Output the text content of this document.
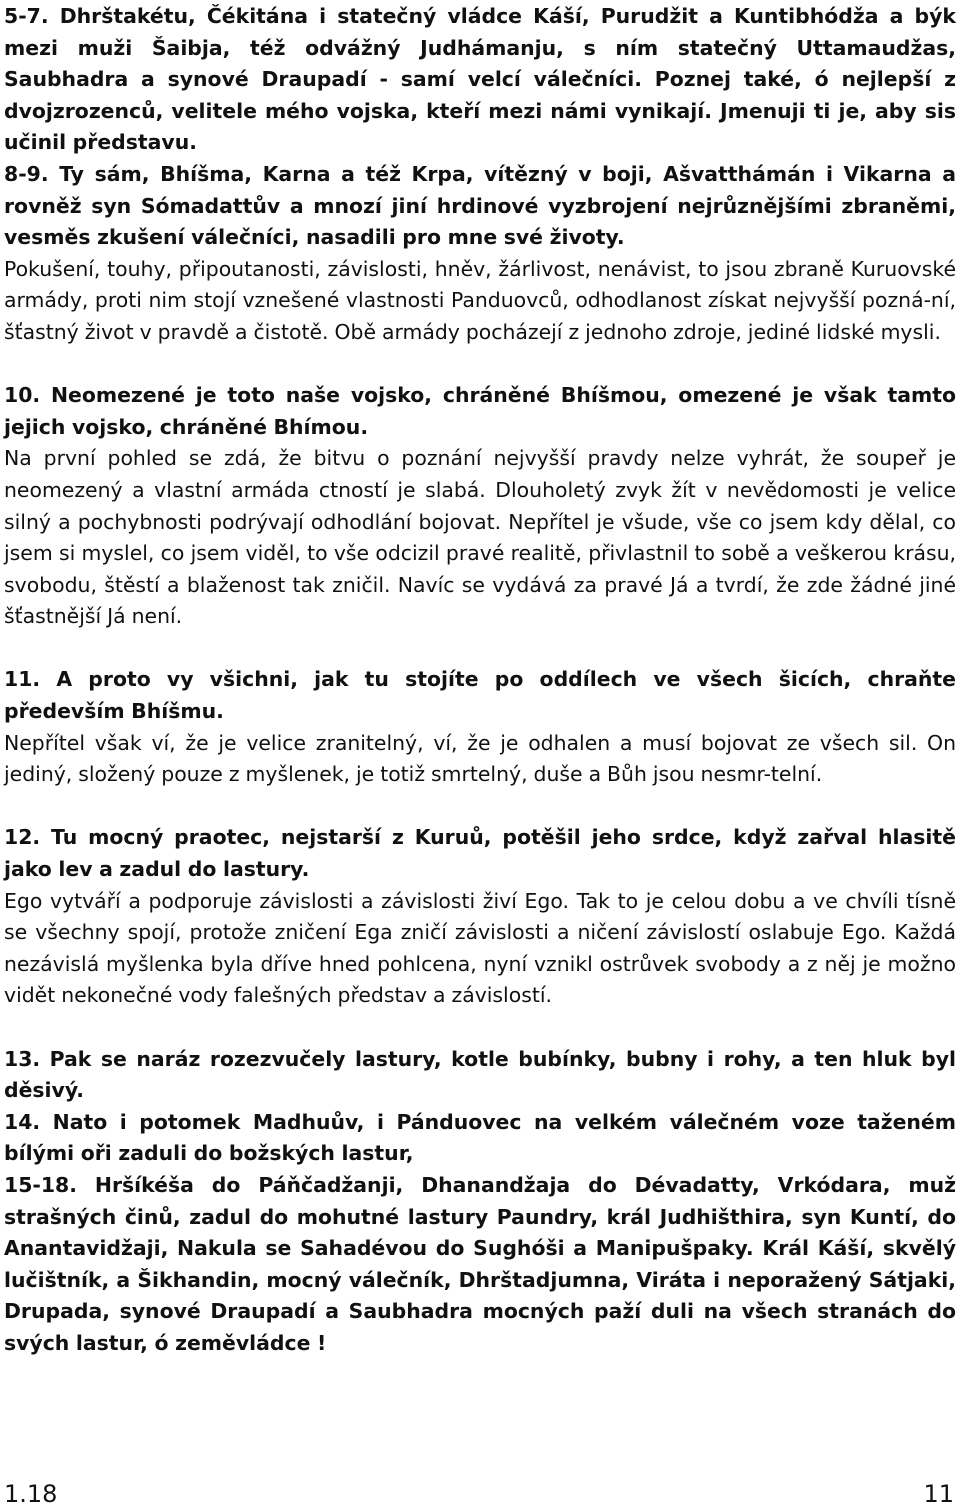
5-7. Dhrštakétu, Čékitána i statečný vládce Káší, Purudžit a Kuntibhódža a býk mezi muži Šaibja, též odvážný Judhámanju, s ním statečný Uttamaudžas, Saubhadra a synové Draupadí - samí velcí válečníci. Poznej také, ó nejlepší z dvojzrozenců, velitele mého vojska, kteří mezi námi vynikají. Jmenuji ti je, aby sis učinil představu.

8-9. Ty sám, Bhíšma, Karna a též Krpa, vítězný v boji, Ašvatthámán i Vikarna a rovněž syn Sómadattův a mnozí jiní hrdinové vyzbrojení nejrůznějšími zbraněmi, vesměs zkušení válečníci, nasadili pro mne své životy.

Pokušení, touhy, připoutanosti, závislosti, hněv, žárlivost, nenávist, to jsou zbraně Kuruovské armády, proti nim stojí vznešené vlastnosti Panduovců, odhodlanost získat nejvyšší pozná-ní, šťastný život v pravdě a čistotě. Obě armády pocházejí z jednoho zdroje, jediné lidské mysli.

10. Neomezené je toto naše vojsko, chráněné Bhíšmou, omezené je však tamto jejich vojsko, chráněné Bhímou.

Na první pohled se zdá, že bitvu o poznání nejvyšší pravdy nelze vyhrát, že soupeř je neomezený a vlastní armáda ctností je slabá. Dlouholetý zvyk žít v nevědomosti je velice silný a pochybnosti podrývají odhodlání bojovat. Nepřítel je všude, vše co jsem kdy dělal, co jsem si myslel, co jsem viděl, to vše odcizil pravé realitě, přivlastnil to sobě a veškerou krásu, svobodu, štěstí a blaženost tak zničil. Navíc se vydává za pravé Já a tvrdí, že zde žádné jiné šťastnější Já není.

11. A proto vy všichni, jak tu stojíte po oddílech ve všech šicích, chraňte především Bhíšmu.

Nepřítel však ví, že je velice zranitelný, ví, že je odhalen a musí bojovat ze všech sil. On jediný, složený pouze z myšlenek, je totiž smrtelný, duše a Bůh jsou nesmr-telní.

12. Tu mocný praotec, nejstarší z Kuruů, potěšil jeho srdce, když zařval hlasitě jako lev a zadul do lastury.

Ego vytváří a podporuje závislosti a závislosti živí Ego. Tak to je celou dobu a ve chvíli tísně se všechny spojí, protože zničení Ega zničí závislosti a ničení závislostí oslabuje Ego. Každá nezávislá myšlenka byla dříve hned pohlcena, nyní vznikl ostrůvek svobody a z něj je možno vidět nekonečné vody falešných představ a závislostí.

13. Pak se naráz rozezvučely lastury, kotle bubínky, bubny i rohy, a ten hluk byl děsivý.

14. Nato i potomek Madhuův, i Pánduovec na velkém válečném voze taženém bílými oři zaduli do božských lastur,

15-18. Hršíkéša do Páňčadžanji, Dhanandžaja do Dévadatty, Vrkódara, muž strašných činů, zadul do mohutné lastury Paundry, král Judhišthira, syn Kuntí, do Anantavidžaji, Nakula se Sahadévou do Sughóši a Manipušpaky. Král Káší, skvělý lučištník, a Šikhandin, mocný válečník, Dhrštadjumna, Viráta i neporažený Sátjaki, Drupada, synové Draupadí a Saubhadra mocných paží duli na všech stranách do svých lastur, ó zeměvládce !

1.18	11
